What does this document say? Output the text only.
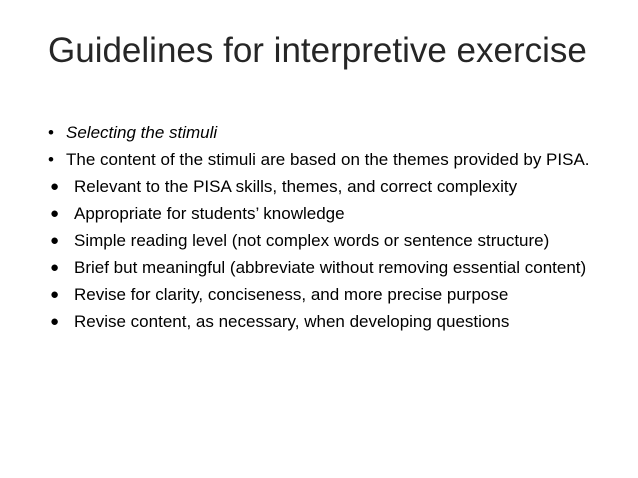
Guidelines for interpretive exercise
• Selecting the stimuli
• The content of the stimuli are based on the themes provided by PISA.
● Relevant to the PISA skills, themes, and correct complexity
● Appropriate for students’ knowledge
● Simple reading level (not complex words or sentence structure)
● Brief but meaningful (abbreviate without removing essential content)
● Revise for clarity, conciseness, and more precise purpose
● Revise content, as necessary, when developing questions
